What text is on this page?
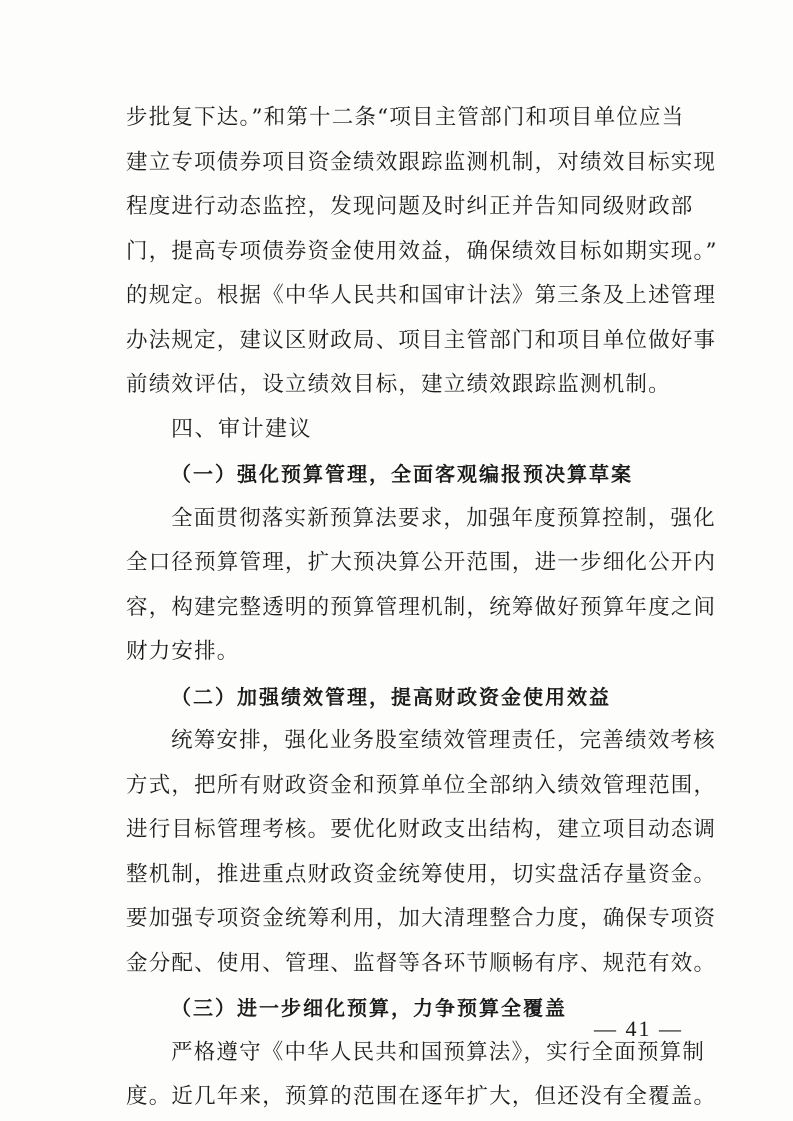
步批复下达。”和第十二条“项目主管部门和项目单位应当
建立专项债券项目资金绩效跟踪监测机制，对绩效目标实现
程度进行动态监控，发现问题及时纠正并告知同级财政部
门，提高专项债券资金使用效益，确保绩效目标如期实现。”
的规定。根据《中华人民共和国审计法》第三条及上述管理
办法规定，建议区财政局、项目主管部门和项目单位做好事
前绩效评估，设立绩效目标，建立绩效跟踪监测机制。
四、审计建议
（一）强化预算管理，全面客观编报预决算草案
全面贯彻落实新预算法要求，加强年度预算控制，强化
全口径预算管理，扩大预决算公开范围，进一步细化公开内
容，构建完整透明的预算管理机制，统筹做好预算年度之间
财力安排。
（二）加强绩效管理，提高财政资金使用效益
统筹安排，强化业务股室绩效管理责任，完善绩效考核
方式，把所有财政资金和预算单位全部纳入绩效管理范围，
进行目标管理考核。要优化财政支出结构，建立项目动态调
整机制，推进重点财政资金统筹使用，切实盘活存量资金。
要加强专项资金统筹利用，加大清理整合力度，确保专项资
金分配、使用、管理、监督等各环节顺畅有序、规范有效。
（三）进一步细化预算，力争预算全覆盖
严格遵守《中华人民共和国预算法》，实行全面预算制
度。近几年来，预算的范围在逐年扩大，但还没有全覆盖。
— 41 —
